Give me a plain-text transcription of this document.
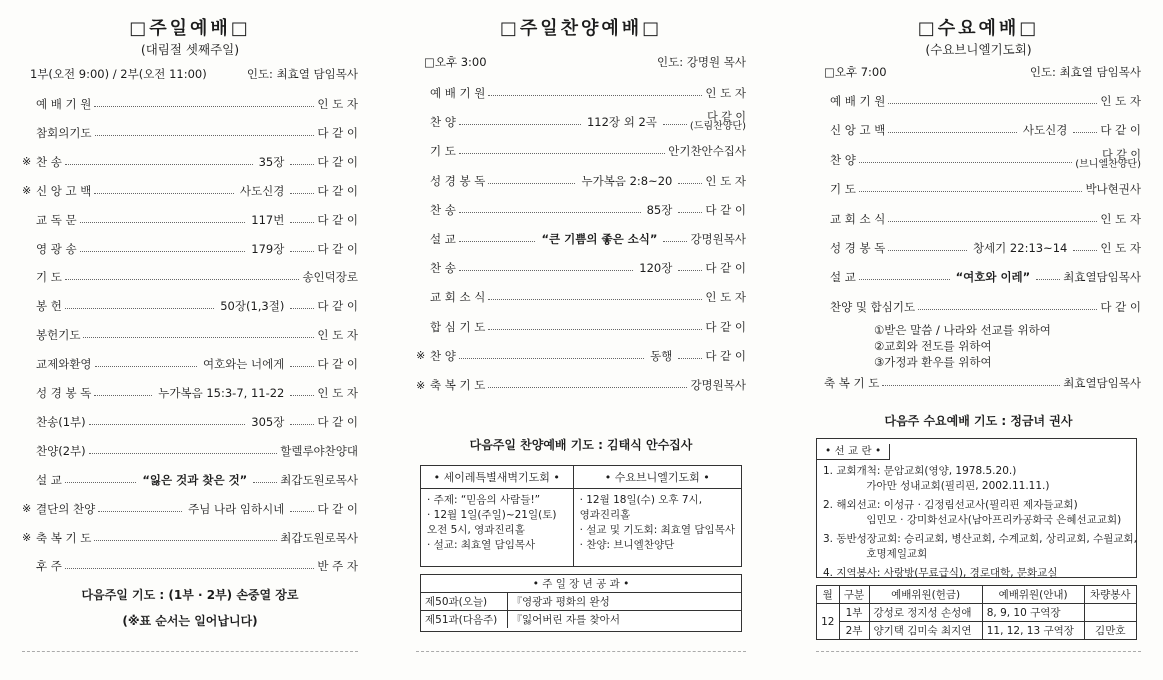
□주일예배□
(대림절 셋째주일)
1부(오전 9:00) / 2부(오전 11:00)	인도: 최효열 담임목사
예 배 기 원	인 도 자
참회의기도	다 같 이
※ 찬 송	35장	다 같 이
※ 신 앙 고 백	사도신경	다 같 이
교 독 문	117번	다 같 이
영 광 송	179장	다 같 이
기 도	송인덕장로
봉 헌	50장(1,3절)	다 같 이
봉헌기도	인 도 자
교제와환영	여호와는 너에게	다 같 이
성 경 봉 독	누가복음 15:3-7, 11-22	인 도 자
찬송(1부)	305장	다 같 이
찬양(2부)	할렐루야찬양대
설 교	“잃은 것과 찾은 것”	최갑도원로목사
※ 결단의 찬양	주님 나라 임하시네	다 같 이
※ 축 복 기 도	최갑도원로목사
후 주	반 주 자
다음주일 기도 : (1부 · 2부) 손중열 장로
(※표 순서는 일어납니다)
□주일찬양예배□
□오후 3:00	인도: 강명원 목사
예 배 기 원	인 도 자
찬 양	112장 외 2곡	다 같 이
(드림찬양단)
기 도	안기찬안수집사
성 경 봉 독	누가복음 2:8~20	인 도 자
찬 송	85장	다 같 이
설 교	“큰 기쁨의 좋은 소식”	강명원목사
찬 송	120장	다 같 이
교 회 소 식	인 도 자
합 심 기 도	다 같 이
※ 찬 양	동행	다 같 이
※ 축 복 기 도	강명원목사
다음주일 찬양예배 기도 : 김태식 안수집사
• 세이레특별새벽기도회 •
· 주제: “믿음의 사람들!”
· 12월 1일(주일)~21일(토)
오전 5시, 영과진리홀
· 설교: 최효열 담임목사
• 수요브니엘기도회 •
· 12월 18일(수) 오후 7시,
영과진리홀
· 설교 및 기도회: 최효열 담임목사
· 찬양: 브니엘찬양단
• 주 일 장 년 공 과 •	
제50과(오늘)	『영광과 평화의 완성
제51과(다음주)	『잃어버린 자를 찾아서
□수요예배□
(수요브니엘기도회)
□오후 7:00	인도: 최효열 담임목사
예 배 기 원	인 도 자
신 앙 고 백	사도신경	다 같 이
찬 양	다 같 이
(브니엘찬양단)
기 도	박나현권사
교 회 소 식	인 도 자
성 경 봉 독	창세기 22:13~14	인 도 자
설 교	“여호와 이레”	최효열담임목사
찬양 및 합심기도	다 같 이
①받은 말씀 / 나라와 선교를 위하여
②교회와 전도를 위하여
③가정과 환우를 위하여
축 복 기 도	최효열담임목사
다음주 수요예배 기도 : 정금녀 권사
• 선 교 란 •
1. 교회개척: 문암교회(영양, 1978.5.20.)
가아만 성내교회(필리핀, 2002.11.11.)
2. 해외선교: 이성규 · 김정림선교사(필리핀 제자들교회)
임민모 · 강미화선교사(남아프리카공화국 은혜선교교회)
3. 동반성장교회: 승리교회, 병산교회, 수계교회, 상리교회, 수월교회,
호명제일교회
4. 지역봉사: 사랑방(무료급식), 경로대학, 문화교실
월	구분	예배위원(헌금)	예배위원(안내)	차량봉사
12	1부	강성로 정지성 손성애	8, 9, 10 구역장	
	2부	양기택 김미숙 최지연	11, 12, 13 구역장	김만호
